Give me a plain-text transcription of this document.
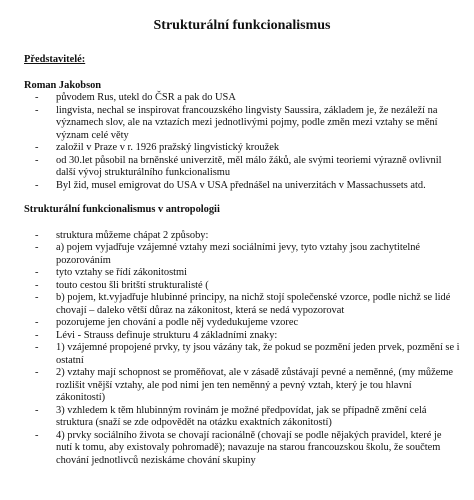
Strukturální funkcionalismus
Představitelé:
Roman Jakobson
- původem Rus, utekl do ČSR a pak do USA
- lingvista, nechal se inspirovat francouzského lingvisty Saussira, základem je, že nezáleží na významech slov, ale na vztazích mezi jednotlivými pojmy, podle změn mezi vztahy se mění význam celé věty
- založil v Praze v r. 1926 pražský lingvistický kroužek
- od 30.let působil na brněnské univerzitě, měl málo žáků, ale svými teoriemi výrazně ovlivnil další vývoj strukturálního funkcionalismu
- Byl žid, musel emigrovat do USA v USA přednášel na univerzitách v Massachussets atd.
Strukturální funkcionalismus v antropologii
- struktura můžeme chápat 2 způsoby:
- a) pojem vyjadřuje vzájemné vztahy mezi sociálními jevy, tyto vztahy jsou zachytitelné pozorováním
- tyto vztahy se řídí zákonitostmi
- touto cestou šli britští strukturalisté (
- b) pojem, kt.vyjadřuje hlubinné principy, na nichž stojí společenské vzorce, podle nichž se lidé chovají – daleko větší důraz na zákonitost, která se nedá vypozorovat
- pozorujeme jen chování a podle něj vydedukujeme vzorec
- Lévi - Strauss definuje strukturu 4 základními znaky:
- 1) vzájemné propojené prvky, ty jsou vázány tak, že pokud se pozmění jeden prvek, pozmění se i ostatní
- 2) vztahy mají schopnost se proměňovat, ale v zásadě zůstávají pevné a neměnné, (my můžeme rozlišit vnější vztahy, ale pod nimi jen ten neměnný a pevný vztah, který je tou hlavní zákonitostí)
- 3) vzhledem k těm hlubinným rovinám je možné předpovídat, jak se případně změní celá struktura (snaží se zde odpovědět na otázku exaktních zákonitostí)
- 4) prvky sociálního života se chovají racionálně (chovají se podle nějakých pravidel, které je nutí k tomu, aby existovaly pohromadě); navazuje na starou francouzskou školu, že součtem chování jednotlivců neziskáme chování skupiny
